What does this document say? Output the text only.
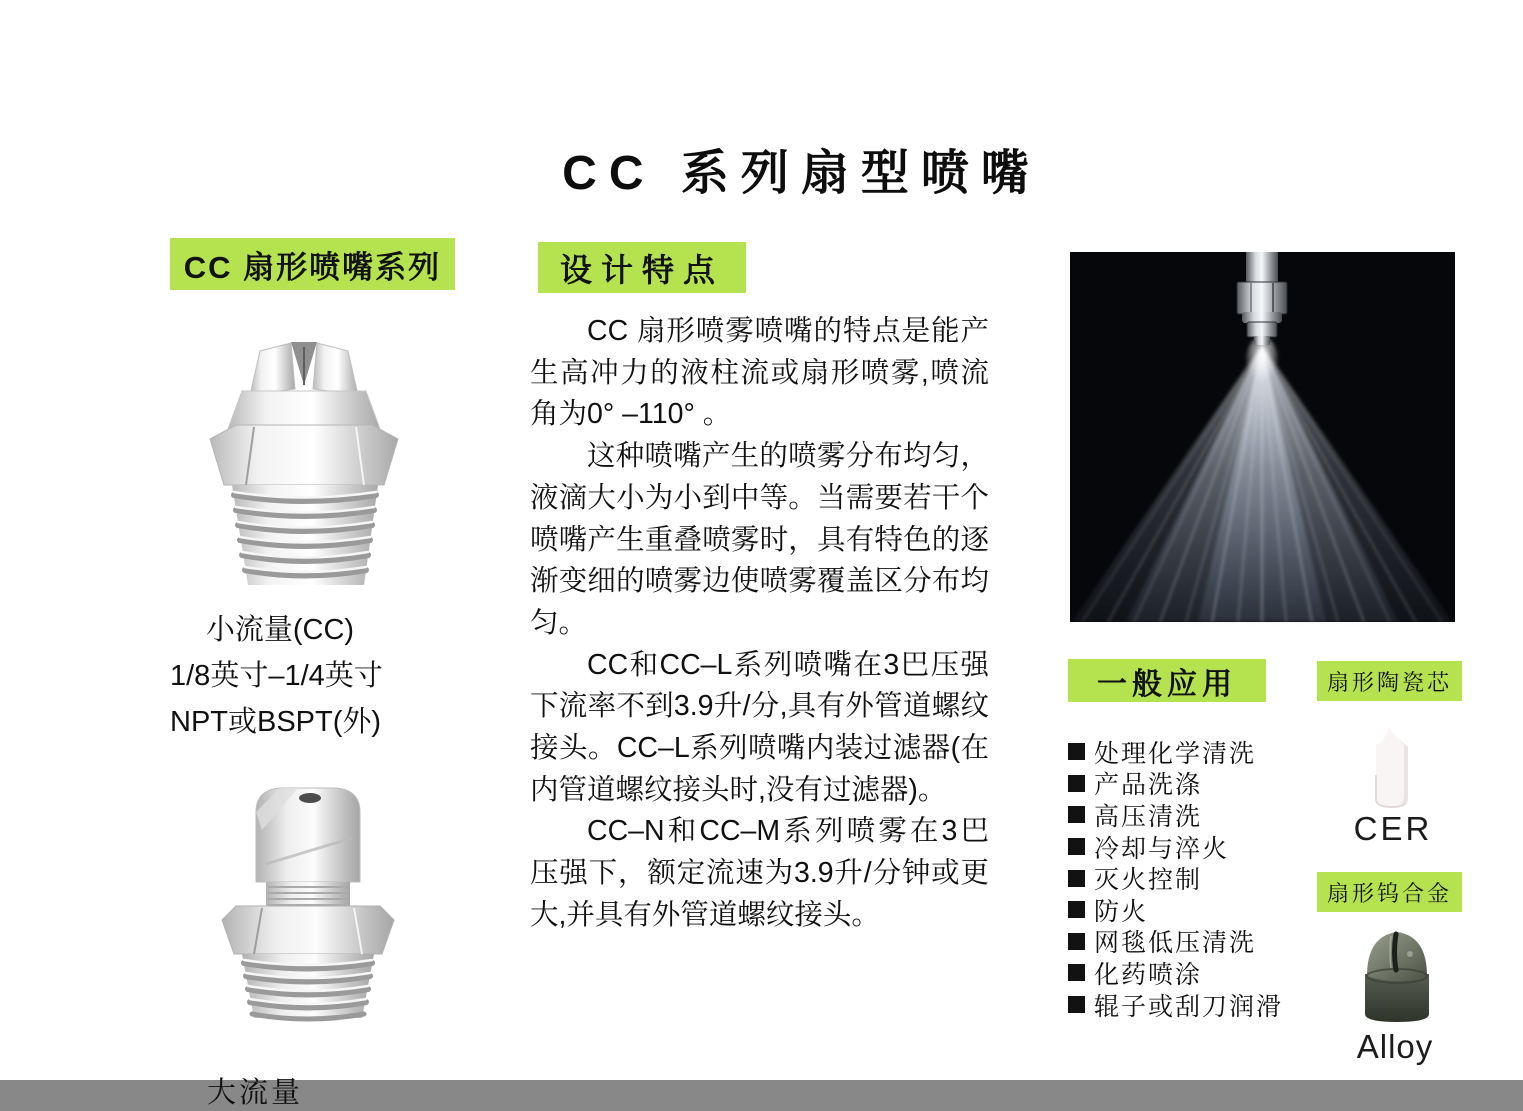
CC 系列扇型喷嘴
CC 扇形喷嘴系列
小流量(CC)
1/8英寸–1/4英寸
NPT或BSPT(外)
大流量
设计特点

CC 扇形喷雾喷嘴的特点是能产生高冲力的液柱流或扇形喷雾,喷流角为0° –110° 。

这种喷嘴产生的喷雾分布均匀，液滴大小为小到中等。当需要若干个喷嘴产生重叠喷雾时，具有特色的逐渐变细的喷雾边使喷雾覆盖区分布均匀。

CC和CC–L系列喷嘴在3巴压强下流率不到3.9升/分,具有外管道螺纹接头。CC–L系列喷嘴内装过滤器(在内管道螺纹接头时,没有过滤器)。

CC–N和CC–M系列喷雾在3巴压强下，额定流速为3.9升/分钟或更大,并具有外管道螺纹接头。

一般应用
处理化学清洗
产品洗涤
高压清洗
冷却与淬火
灭火控制
防火
网毯低压清洗
化药喷涂
辊子或刮刀润滑
扇形陶瓷芯
CER
扇形钨合金
Alloy
